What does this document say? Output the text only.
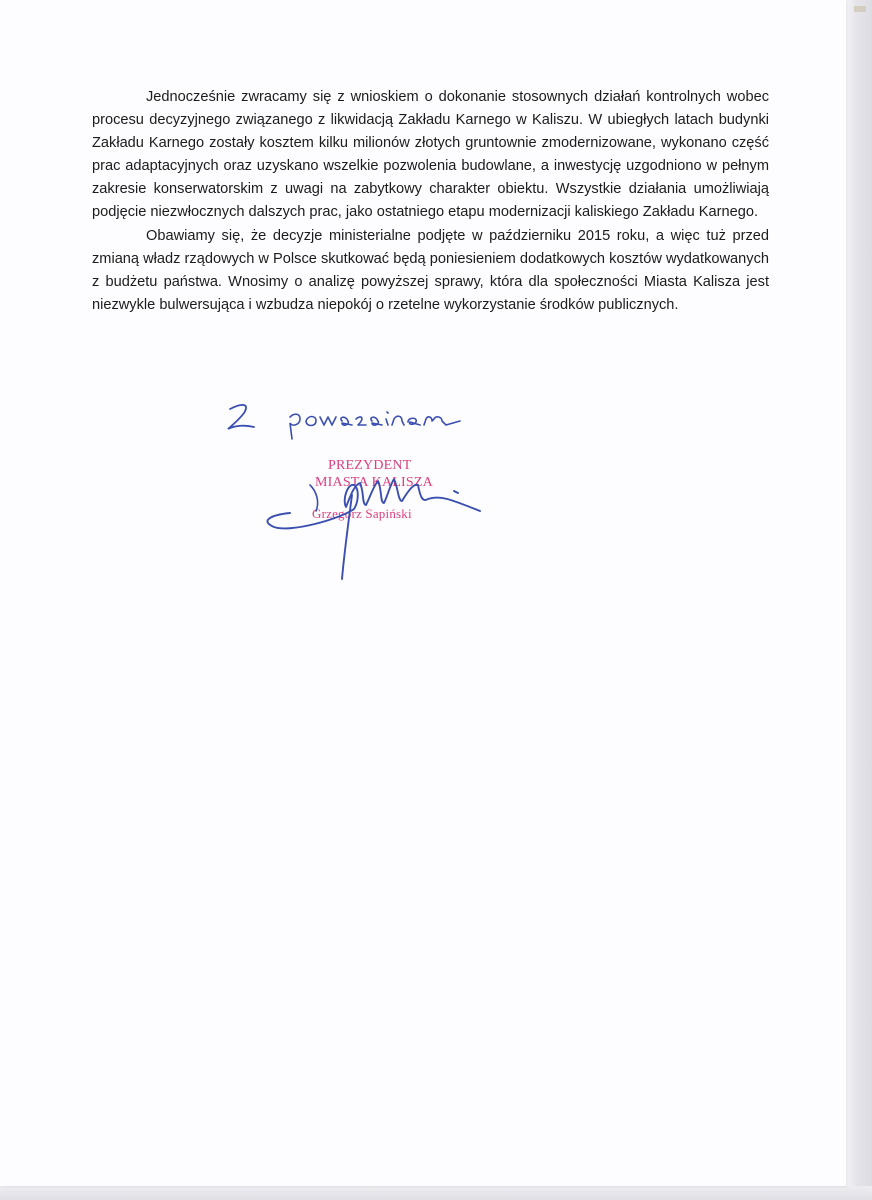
Jednocześnie zwracamy się z wnioskiem o dokonanie stosownych działań kontrolnych wobec procesu decyzyjnego związanego z likwidacją Zakładu Karnego w Kaliszu. W ubiegłych latach budynki Zakładu Karnego zostały kosztem kilku milionów złotych gruntownie zmodernizowane, wykonano część prac adaptacyjnych oraz uzyskano wszelkie pozwolenia budowlane, a inwestycję uzgodniono w pełnym zakresie konserwatorskim z uwagi na zabytkowy charakter obiektu. Wszystkie działania umożliwiają podjęcie niezwłocznych dalszych prac, jako ostatniego etapu modernizacji kaliskiego Zakładu Karnego.

Obawiamy się, że decyzje ministerialne podjęte w październiku 2015 roku, a więc tuż przed zmianą władz rządowych w Polsce skutkować będą poniesieniem dodatkowych kosztów wydatkowanych z budżetu państwa. Wnosimy o analizę powyższej sprawy, która dla społeczności Miasta Kalisza jest niezwykle bulwersująca i wzbudza niepokój o rzetelne wykorzystanie środków publicznych.

Z poważaniem
PREZYDENT
MIASTA KALISZA
Grzegorz Sapiński
